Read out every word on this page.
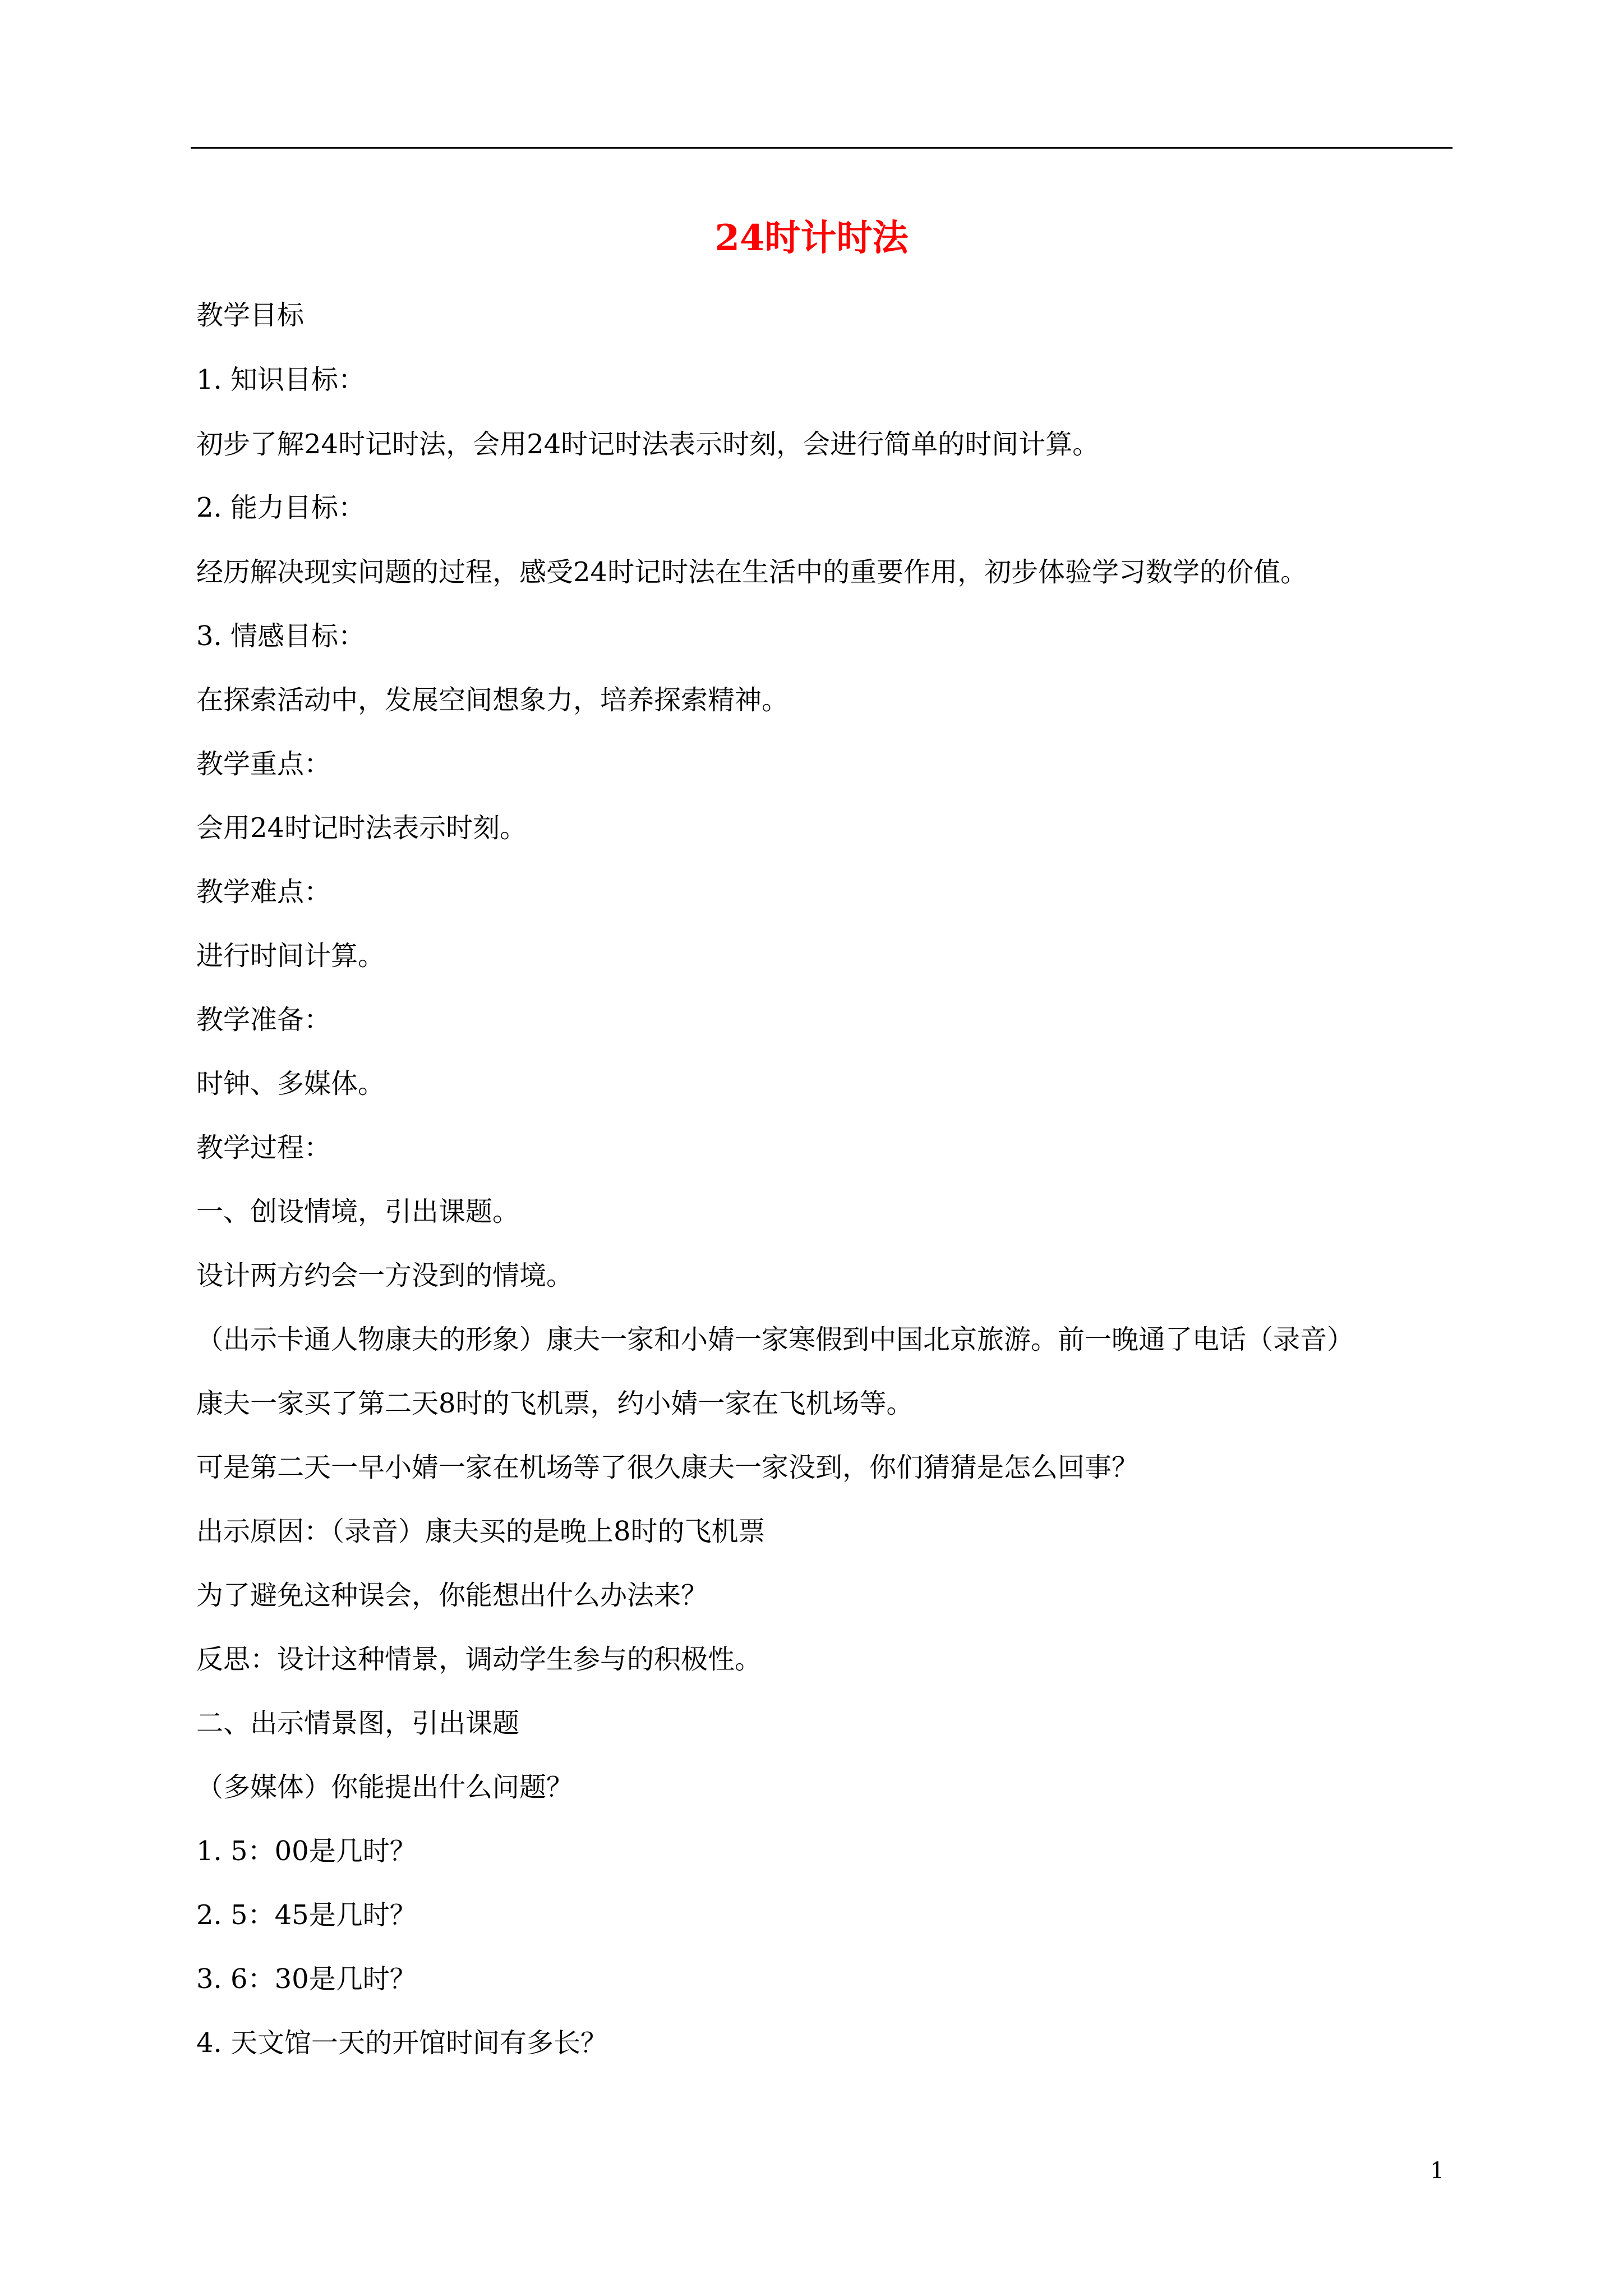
24时计时法
教学目标
1. 知识目标：
初步了解24时记时法，会用24时记时法表示时刻，会进行简单的时间计算。
2. 能力目标：
经历解决现实问题的过程，感受24时记时法在生活中的重要作用，初步体验学习数学的价值。
3. 情感目标：
在探索活动中，发展空间想象力，培养探索精神。
教学重点：
会用24时记时法表示时刻。
教学难点：
进行时间计算。
教学准备：
时钟、多媒体。
教学过程：
一、创设情境，引出课题。
设计两方约会一方没到的情境。
（出示卡通人物康夫的形象）康夫一家和小婧一家寒假到中国北京旅游。前一晚通了电话（录音）
康夫一家买了第二天8时的飞机票，约小婧一家在飞机场等。
可是第二天一早小婧一家在机场等了很久康夫一家没到，你们猜猜是怎么回事？
出示原因：（录音）康夫买的是晚上8时的飞机票
为了避免这种误会，你能想出什么办法来？
反思：设计这种情景，调动学生参与的积极性。
二、出示情景图，引出课题
（多媒体）你能提出什么问题？
1. 5：00是几时？
2. 5：45是几时？
3. 6：30是几时？
4. 天文馆一天的开馆时间有多长？
1
